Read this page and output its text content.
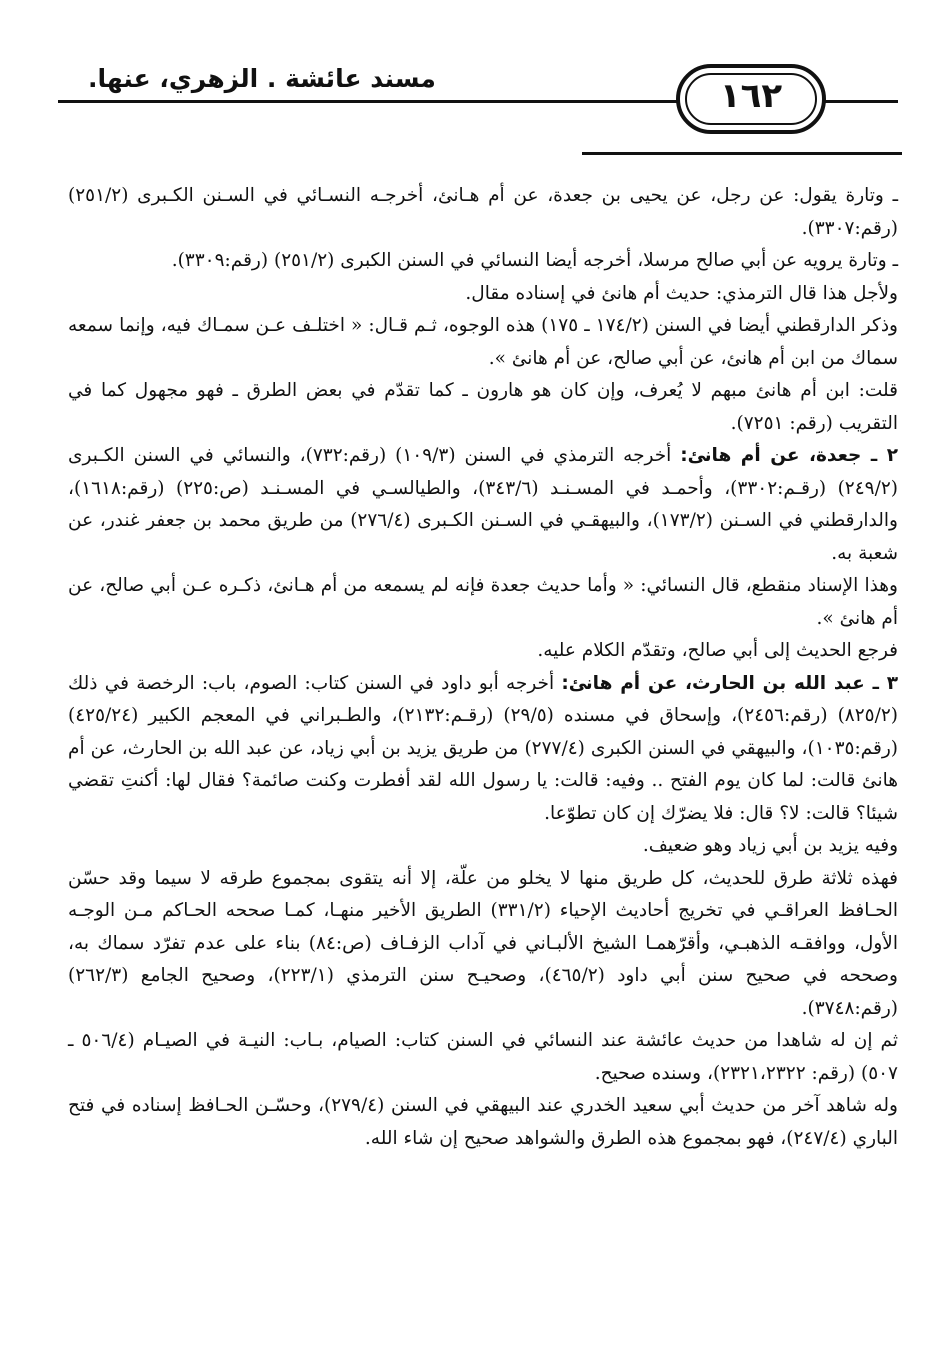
مسند عائشة . الزهري، عنها.	١٦٢

ـ وتارة يقول: عن رجل، عن يحيى بن جعدة، عن أم هـانئ، أخرجـه النسـائي في السـنن الكـبرى (٢٥١/٢) (رقم:٣٣٠٧).

ـ وتارة يرويه عن أبي صالح مرسلا، أخرجه أيضا النسائي في السنن الكبرى (٢٥١/٢) (رقم:٣٣٠٩).

ولأجل هذا قال الترمذي: حديث أم هانئ في إسناده مقال.

وذكر الدارقطني أيضا في السنن (١٧٤/٢ ـ ١٧٥) هذه الوجوه، ثـم قـال: « اختلـف عـن سمـاك فيه، وإنما سمعه سماك من ابن أم هانئ، عن أبي صالح، عن أم هانئ ».

قلت: ابن أم هانئ مبهم لا يُعرف، وإن كان هو هارون ـ كما تقدّم في بعض الطرق ـ فهو مجهول كما في التقريب (رقم: ٧٢٥١).

٢ ـ جعدة، عن أم هانئ: أخرجه الترمذي في السنن (١٠٩/٣) (رقم:٧٣٢)، والنسائي في السنن الكـبرى (٢٤٩/٢) (رقـم:٣٣٠٢)، وأحمـد في المسـنـد (٣٤٣/٦)، والطيالسـي في المسـنـد (ص:٢٢٥) (رقم:١٦١٨)، والدارقطني في السـنن (١٧٣/٢)، والبيهقـي في السـنن الكـبرى (٢٧٦/٤) من طريق محمد بن جعفر غندر، عن شعبة به.

وهذا الإسناد منقطع، قال النسائي: « وأما حديث جعدة فإنه لم يسمعه من أم هـانئ، ذكـره عـن أبي صالح، عن أم هانئ ».

فرجع الحديث إلى أبي صالح، وتقدّم الكلام عليه.

٣ ـ عبد الله بن الحارث، عن أم هانئ: أخرجه أبو داود في السنن كتاب: الصوم، باب: الرخصة في ذلك (٨٢٥/٢) (رقم:٢٤٥٦)، وإسحاق في مسنده (٢٩/٥) (رقـم:٢١٣٢)، والطـبراني في المعجم الكبير (٤٢٥/٢٤) (رقم:١٠٣٥)، والبيهقي في السنن الكبرى (٢٧٧/٤) من طريق يزيد بن أبي زياد، عن عبد الله بن الحارث، عن أم هانئ قالت: لما كان يوم الفتح .. وفيه: قالت: يا رسول الله لقد أفطرت وكنت صائمة؟ فقال لها: أكنتِ تقضي شيئا؟ قالت: لا؟ قال: فلا يضرّك إن كان تطوّعا.

وفيه يزيد بن أبي زياد وهو ضعيف.

فهذه ثلاثة طرق للحديث، كل طريق منها لا يخلو من علّة، إلا أنه يتقوى بمجموع طرقه لا سيما وقد حسّن الحـافظ العراقـي في تخريج أحاديث الإحياء (٣٣١/٢) الطريق الأخير منهـا، كمـا صححه الحـاكم مـن الوجـه الأول، ووافقـه الذهبـي، وأقرّهمـا الشيخ الألبـاني في آداب الزفـاف (ص:٨٤) بناء على عدم تفرّد سماك به، وصححه في صحيح سنن أبي داود (٤٦٥/٢)، وصحيـح سنن الترمذي (٢٢٣/١)، وصحيح الجامع (٢٦٢/٣) (رقم:٣٧٤٨).

ثم إن له شاهدا من حديث عائشة عند النسائي في السنن كتاب: الصيام، بـاب: النيـة في الصيـام (٥٠٦/٤ ـ ٥٠٧) (رقم: ٢٣٢١،٢٣٢٢)، وسنده صحيح.

وله شاهد آخر من حديث أبي سعيد الخدري عند البيهقي في السنن (٢٧٩/٤)، وحسّـن الحـافظ إسناده في فتح الباري (٢٤٧/٤)، فهو بمجموع هذه الطرق والشواهد صحيح إن شاء الله.
